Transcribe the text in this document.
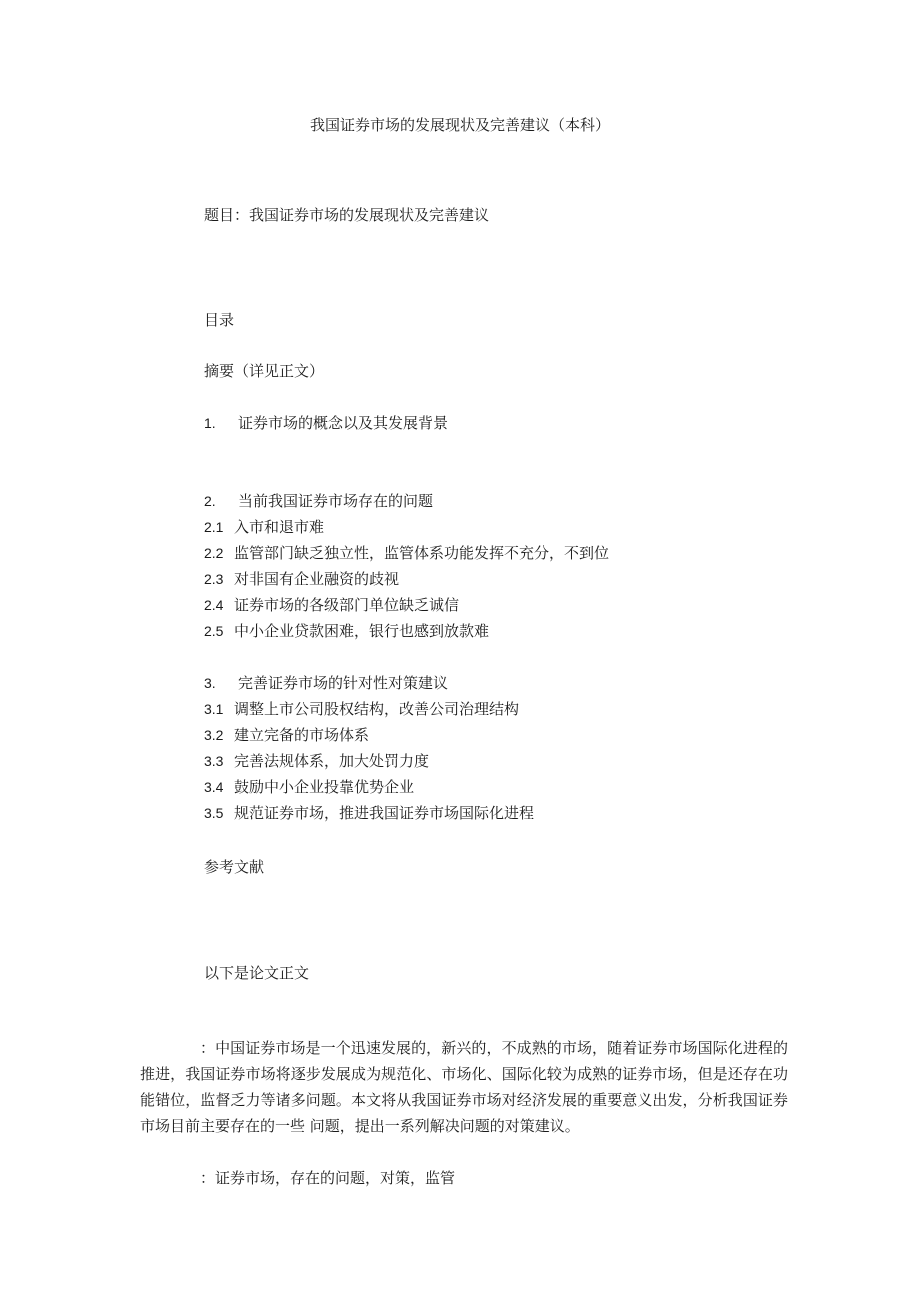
我国证券市场的发展现状及完善建议（本科）
题目：我国证券市场的发展现状及完善建议
目录
摘要（详见正文）
1. 证券市场的概念以及其发展背景
2. 当前我国证券市场存在的问题
2.1 入市和退市难
2.2 监管部门缺乏独立性，监管体系功能发挥不充分，不到位
2.3 对非国有企业融资的歧视
2.4 证券市场的各级部门单位缺乏诚信
2.5 中小企业贷款困难，银行也感到放款难
3. 完善证券市场的针对性对策建议
3.1 调整上市公司股权结构，改善公司治理结构
3.2 建立完备的市场体系
3.3 完善法规体系，加大处罚力度
3.4 鼓励中小企业投靠优势企业
3.5 规范证券市场，推进我国证券市场国际化进程
参考文献
以下是论文正文

：中国证券市场是一个迅速发展的，新兴的，不成熟的市场，随着证券市场国际化进程的推进，我国证券市场将逐步发展成为规范化、市场化、国际化较为成熟的证券市场，但是还存在功能错位，监督乏力等诸多问题。本文将从我国证券市场对经济发展的重要意义出发，分析我国证券市场目前主要存在的一些 问题，提出一系列解决问题的对策建议。

：证券市场，存在的问题，对策，监管
